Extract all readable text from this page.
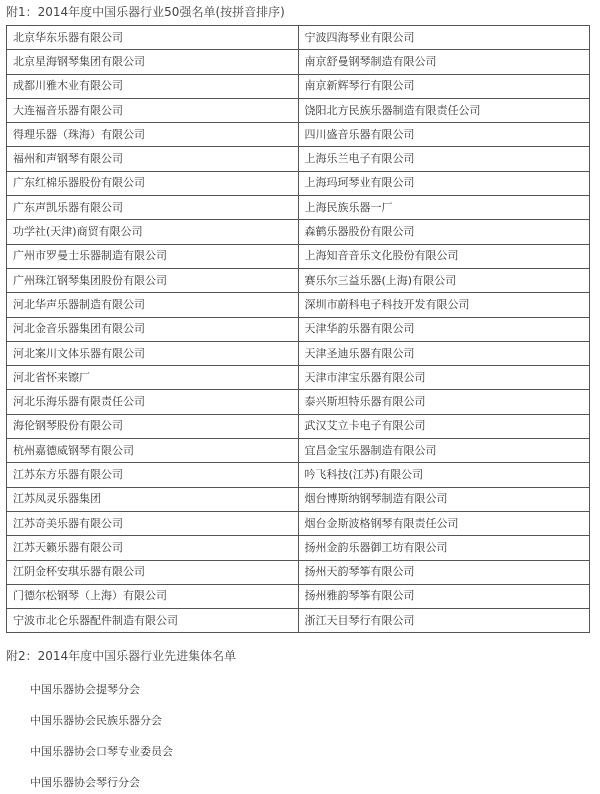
附1：2014年度中国乐器行业50强名单(按拼音排序)
北京华东乐器有限公司	宁波四海琴业有限公司
北京星海钢琴集团有限公司	南京舒曼钢琴制造有限公司
成都川雅木业有限公司	南京新辉琴行有限公司
大连福音乐器有限公司	饶阳北方民族乐器制造有限责任公司
得理乐器（珠海）有限公司	四川盛音乐器有限公司
福州和声钢琴有限公司	上海乐兰电子有限公司
广东红棉乐器股份有限公司	上海玛珂琴业有限公司
广东声凯乐器有限公司	上海民族乐器一厂
功学社(天津)商贸有限公司	森鹤乐器股份有限公司
广州市罗曼士乐器制造有限公司	上海知音音乐文化股份有限公司
广州珠江钢琴集团股份有限公司	赛乐尔三益乐器(上海)有限公司
河北华声乐器制造有限公司	深圳市蔚科电子科技开发有限公司
河北金音乐器集团有限公司	天津华韵乐器有限公司
河北案川文体乐器有限公司	天津圣迪乐器有限公司
河北省怀来镲厂	天津市津宝乐器有限公司
河北乐海乐器有限责任公司	泰兴斯坦特乐器有限公司
海伦钢琴股份有限公司	武汉艾立卡电子有限公司
杭州嘉德威钢琴有限公司	宜昌金宝乐器制造有限公司
江苏东方乐器有限公司	吟飞科技(江苏)有限公司
江苏凤灵乐器集团	烟台博斯纳钢琴制造有限公司
江苏奇美乐器有限公司	烟台金斯波格钢琴有限责任公司
江苏天籁乐器有限公司	扬州金韵乐器御工坊有限公司
江阴金杯安琪乐器有限公司	扬州天韵琴筝有限公司
门德尔松钢琴（上海）有限公司	扬州雅韵琴筝有限公司
宁波市北仑乐器配件制造有限公司	浙江天目琴行有限公司
附2：2014年度中国乐器行业先进集体名单
中国乐器协会提琴分会
中国乐器协会民族乐器分会
中国乐器协会口琴专业委员会
中国乐器协会琴行分会
